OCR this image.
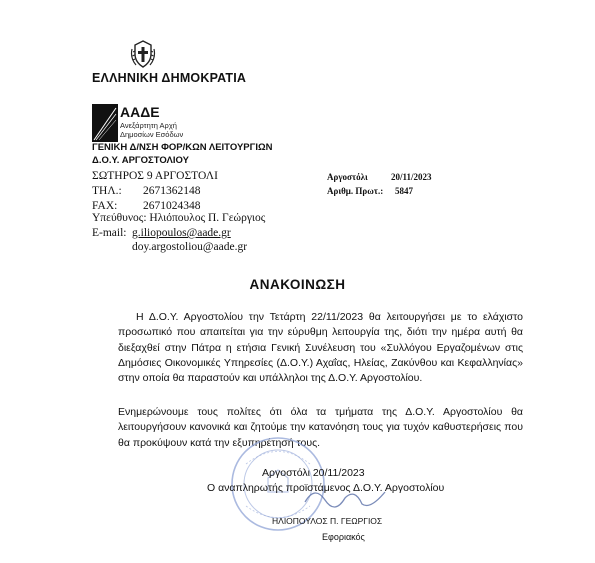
ΕΛΛΗΝΙΚΗ ΔΗΜΟΚΡΑΤΙΑ
ΑΑΔΕ
Ανεξάρτητη Αρχή
Δημοσίων Εσόδων
ΓΕΝΙΚΗ Δ/ΝΣΗ ΦΟΡ/ΚΩΝ ΛΕΙΤΟΥΡΓΙΩΝ
Δ.Ο.Υ. ΑΡΓΟΣΤΟΛΙΟΥ
ΣΩΤΗΡΟΣ 9 ΑΡΓΟΣΤΟΛΙ
ΤΗΛ.: 2671362148
FAX: 2671024348
Υπεύθυνος: Ηλιόπουλος Π. Γεώργιος
E-mail: g.iliopoulos@aade.gr
doy.argostoliou@aade.gr
Αργοστόλι	20/11/2023
Αριθμ. Πρωτ.: 5847
ΑΝΑΚΟΙΝΩΣΗ
Η Δ.Ο.Υ. Αργοστολίου την Τετάρτη 22/11/2023 θα λειτουργήσει με το ελάχιστο προσωπικό που απαιτείται για την εύρυθμη λειτουργία της, διότι την ημέρα αυτή θα διεξαχθεί στην Πάτρα η ετήσια Γενική Συνέλευση του «Συλλόγου Εργαζομένων στις Δημόσιες Οικονομικές Υπηρεσίες (Δ.Ο.Υ.) Αχαΐας, Ηλείας, Ζακύνθου και Κεφαλληνίας» στην οποία θα παραστούν και υπάλληλοι της Δ.Ο.Υ. Αργοστολίου.
Ενημερώνουμε τους πολίτες ότι όλα τα τμήματα της Δ.Ο.Υ. Αργοστολίου θα λειτουργήσουν κανονικά και ζητούμε την κατανόηση τους για τυχόν καθυστερήσεις που θα προκύψουν κατά την εξυπηρέτησή τους.
Αργοστόλι 20/11/2023
Ο αναπληρωτής προϊστάμενος Δ.Ο.Υ. Αργοστολίου
ΗΛΙΟΠΟΥΛΟΣ Π. ΓΕΩΡΓΙΟΣ
Εφοριακός
